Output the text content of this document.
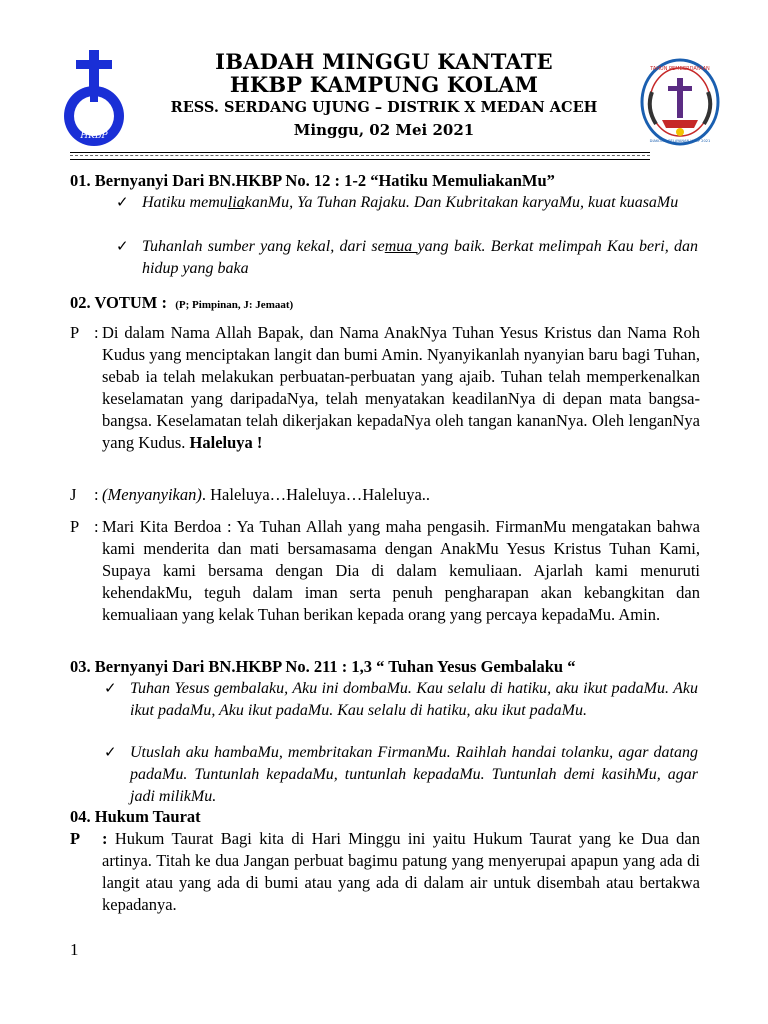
HKBP
IBADAH MINGGU KANTATE
HKBP KAMPUNG KOLAM
RESS. SERDANG UJUNG – DISTRIK X MEDAN ACEH
Minggu, 02 Mei 2021
TAHUN PEMBERDAYAAN
DIAKONIA PELAYANAN HKBP 2021
01. Bernyanyi Dari BN.HKBP No. 12 : 1-2 “Hatiku MemuliakanMu”
✓ Hatiku memuliakanMu, Ya Tuhan Rajaku. Dan Kubritakan karyaMu, kuat kuasaMu
✓ Tuhanlah sumber yang kekal, dari semua yang baik. Berkat melimpah Kau beri, dan hidup yang baka
02. VOTUM : (P; Pimpinan, J: Jemaat)
P : Di dalam Nama Allah Bapak, dan Nama AnakNya Tuhan Yesus Kristus dan Nama Roh Kudus yang menciptakan langit dan bumi Amin. Nyanyikanlah nyanyian baru bagi Tuhan, sebab ia telah melakukan perbuatan-perbuatan yang ajaib. Tuhan telah memperkenalkan keselamatan yang daripadaNya, telah menyatakan keadilanNya di depan mata bangsa-bangsa. Keselamatan telah dikerjakan kepadaNya oleh tangan kananNya. Oleh lenganNya yang Kudus. Haleluya !
J : (Menyanyikan). Haleluya…Haleluya…Haleluya..
P : Mari Kita Berdoa : Ya Tuhan Allah yang maha pengasih. FirmanMu mengatakan bahwa kami menderita dan mati bersamasama dengan AnakMu Yesus Kristus Tuhan Kami, Supaya kami bersama dengan Dia di dalam kemuliaan. Ajarlah kami menuruti kehendakMu, teguh dalam iman serta penuh pengharapan akan kebangkitan dan kemualiaan yang kelak Tuhan berikan kepada orang yang percaya kepadaMu. Amin.
03. Bernyanyi Dari BN.HKBP No. 211 : 1,3 “ Tuhan Yesus Gembalaku “
✓ Tuhan Yesus gembalaku, Aku ini dombaMu. Kau selalu di hatiku, aku ikut padaMu. Aku ikut padaMu, Aku ikut padaMu. Kau selalu di hatiku, aku ikut padaMu.
✓ Utuslah aku hambaMu, membritakan FirmanMu. Raihlah handai tolanku, agar datang padaMu. Tuntunlah kepadaMu, tuntunlah kepadaMu. Tuntunlah demi kasihMu, agar jadi milikMu.
04. Hukum Taurat
P : Hukum Taurat Bagi kita di Hari Minggu ini yaitu Hukum Taurat yang ke Dua dan artinya. Titah ke dua Jangan perbuat bagimu patung yang menyerupai apapun yang ada di langit atau yang ada di bumi atau yang ada di dalam air untuk disembah atau bertakwa kepadanya.
1
